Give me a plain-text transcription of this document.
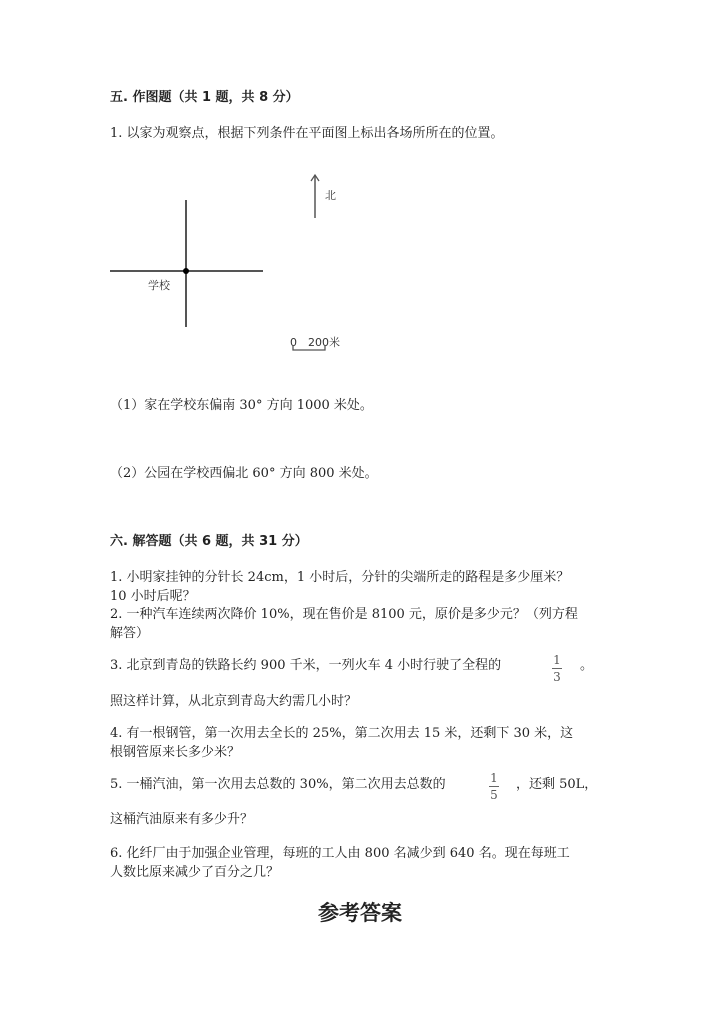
五. 作图题（共 1 题，共 8 分）
1. 以家为观察点，根据下列条件在平面图上标出各场所所在的位置。
学校
北
0 200米
（1）家在学校东偏南 30° 方向 1000 米处。
（2）公园在学校西偏北 60° 方向 800 米处。
六. 解答题（共 6 题，共 31 分）
1. 小明家挂钟的分针长 24cm，1 小时后，分针的尖端所走的路程是多少厘米？
10 小时后呢？
2. 一种汽车连续两次降价 10%，现在售价是 8100 元，原价是多少元？（列方程
解答）
3. 北京到青岛的铁路长约 900 千米，一列火车 4 小时行驶了全程的	1
3
。
照这样计算，从北京到青岛大约需几小时？
4. 有一根钢管，第一次用去全长的 25%，第二次用去 15 米，还剩下 30 米，这
根钢管原来长多少米？
5. 一桶汽油，第一次用去总数的 30%，第二次用去总数的	1
5
，还剩 50L，
这桶汽油原来有多少升？
6. 化纤厂由于加强企业管理，每班的工人由 800 名减少到 640 名。现在每班工
人数比原来减少了百分之几？
参考答案
